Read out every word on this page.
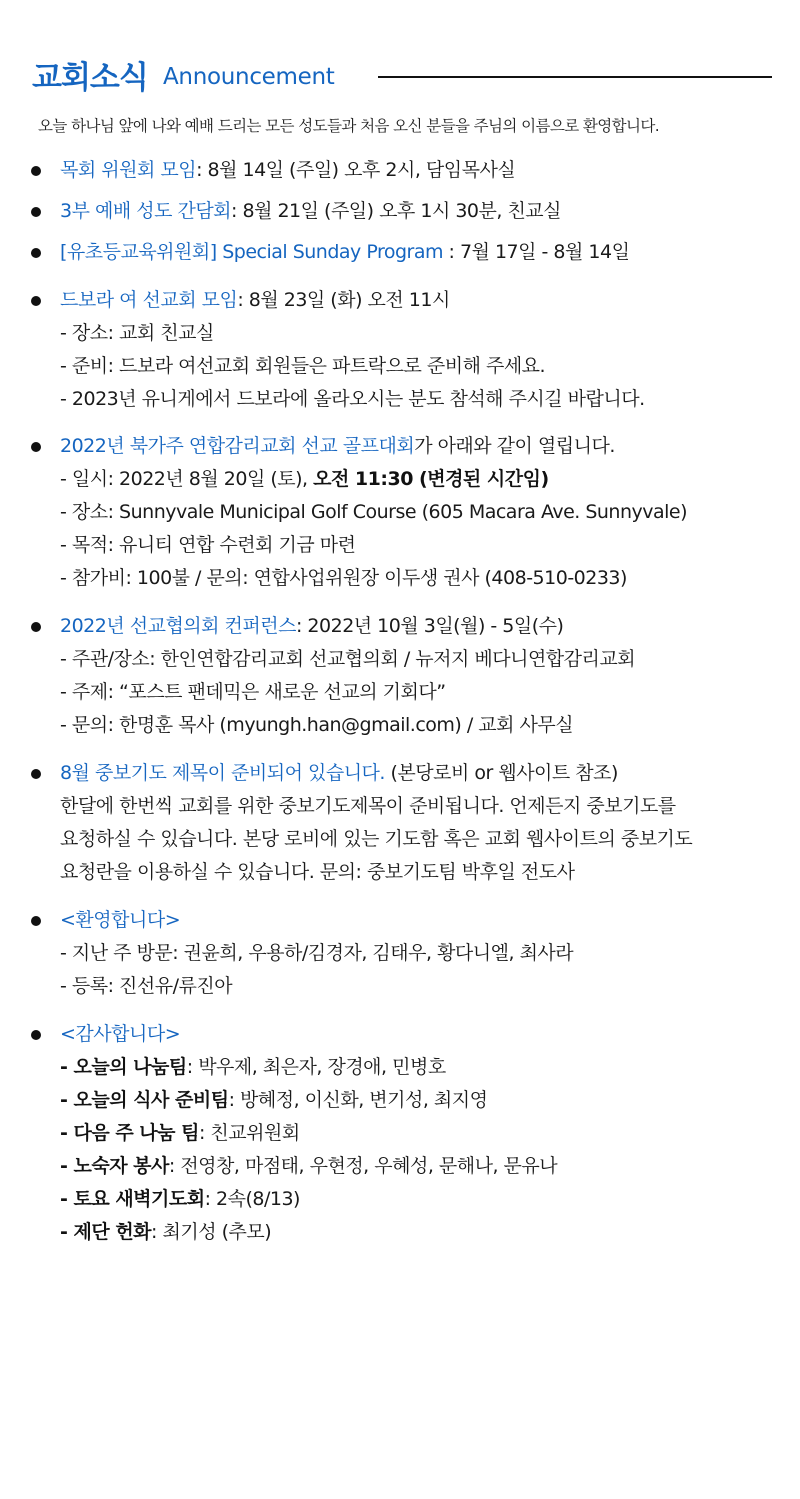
교회소식 Announcement
오늘 하나님 앞에 나와 예배 드리는 모든 성도들과 처음 오신 분들을 주님의 이름으로 환영합니다.
목회 위원회 모임: 8월 14일 (주일) 오후 2시, 담임목사실
3부 예배 성도 간담회: 8월 21일 (주일) 오후 1시 30분, 친교실
[유초등교육위원회] Special Sunday Program : 7월 17일 - 8월 14일
드보라 여 선교회 모임: 8월 23일 (화) 오전 11시
- 장소: 교회 친교실
- 준비: 드보라 여선교회 회원들은 파트락으로 준비해 주세요.
- 2023년 유니게에서 드보라에 올라오시는 분도 참석해 주시길 바랍니다.
2022년 북가주 연합감리교회 선교 골프대회가 아래와 같이 열립니다.
- 일시: 2022년 8월 20일 (토), 오전 11:30 (변경된 시간임)
- 장소: Sunnyvale Municipal Golf Course (605 Macara Ave. Sunnyvale)
- 목적: 유니티 연합 수련회 기금 마련
- 참가비: 100불 / 문의: 연합사업위원장 이두생 권사 (408-510-0233)
2022년 선교협의회 컨퍼런스: 2022년 10월 3일(월) - 5일(수)
- 주관/장소: 한인연합감리교회 선교협의회 / 뉴저지 베다니연합감리교회
- 주제: “포스트 팬데믹은 새로운 선교의 기회다”
- 문의: 한명훈 목사 (myungh.han@gmail.com) / 교회 사무실
8월 중보기도 제목이 준비되어 있습니다. (본당로비 or 웹사이트 참조)
한달에 한번씩 교회를 위한 중보기도제목이 준비됩니다. 언제든지 중보기도를
요청하실 수 있습니다. 본당 로비에 있는 기도함 혹은 교회 웹사이트의 중보기도
요청란을 이용하실 수 있습니다. 문의: 중보기도팀 박후일 전도사
<환영합니다>
- 지난 주 방문: 권윤희, 우용하/김경자, 김태우, 황다니엘, 최사라
- 등록: 진선유/류진아
<감사합니다>
- 오늘의 나눔팀: 박우제, 최은자, 장경애, 민병호
- 오늘의 식사 준비팀: 방혜정, 이신화, 변기성, 최지영
- 다음 주 나눔 팀: 친교위원회
- 노숙자 봉사: 전영창, 마점태, 우현정, 우혜성, 문해나, 문유나
- 토요 새벽기도회: 2속(8/13)
- 제단 헌화: 최기성 (추모)
